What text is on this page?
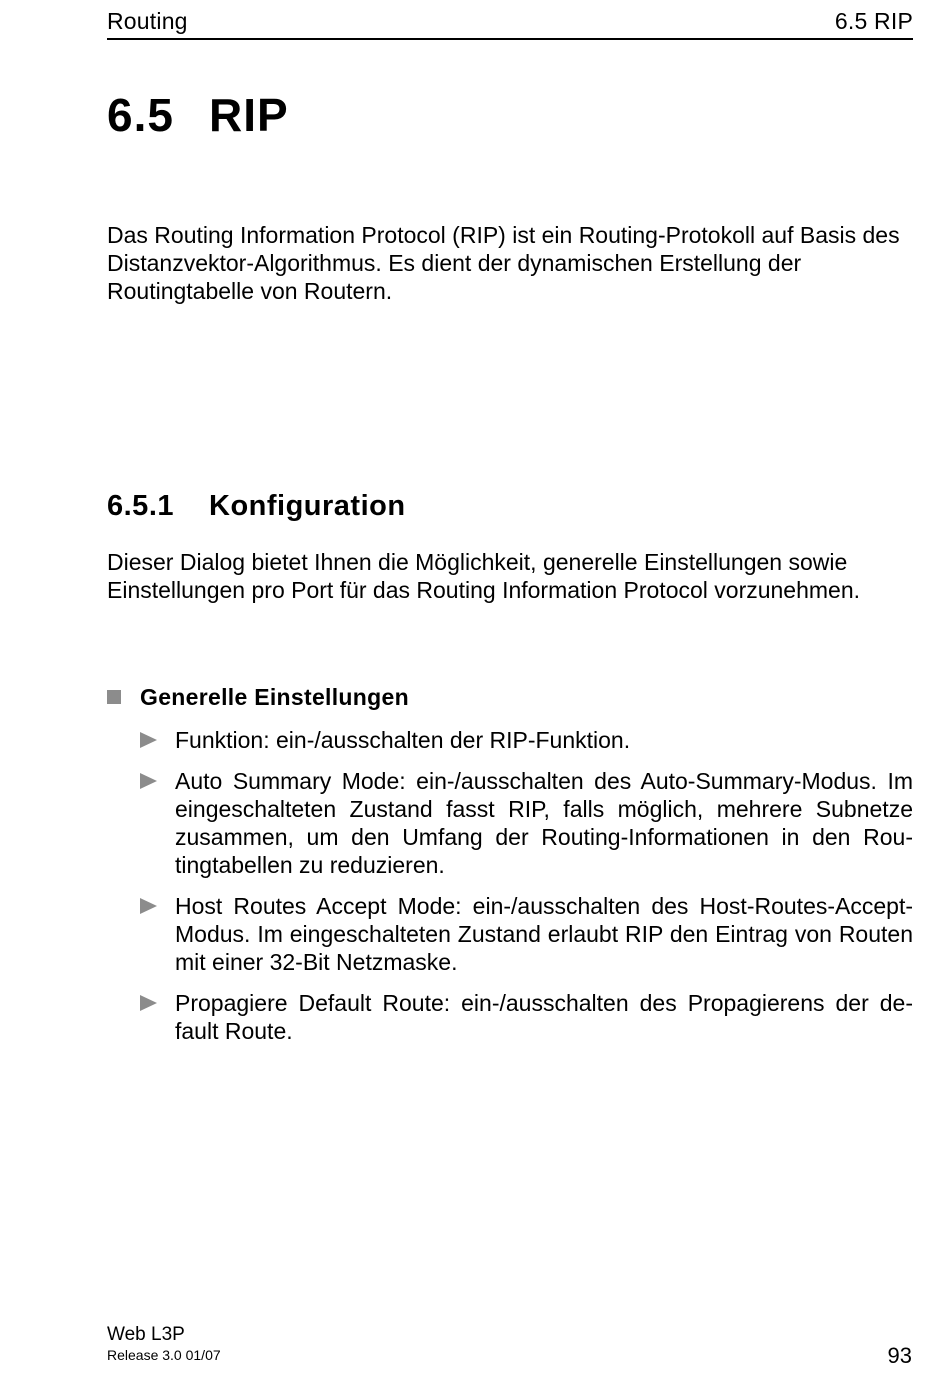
Routing	6.5 RIP
6.5 RIP

Das Routing Information Protocol (RIP) ist ein Routing-Protokoll auf Basis des Distanzvektor-Algorithmus. Es dient der dynamischen Erstellung der Routingtabelle von Routern.

6.5.1 Konfiguration

Dieser Dialog bietet Ihnen die Möglichkeit, generelle Einstellungen sowie Einstellungen pro Port für das Routing Information Protocol vorzunehmen.

Generelle Einstellungen
Funktion: ein-/ausschalten der RIP-Funktion.
Auto Summary Mode: ein-/ausschalten des Auto-Summary-Modus. Im eingeschalteten Zustand fasst RIP, falls möglich, mehrere Subnetze zusammen, um den Umfang der Routing-Informationen in den Routingtabellen zu reduzieren.
Host Routes Accept Mode: ein-/ausschalten des Host-Routes-Accept-Modus. Im eingeschalteten Zustand erlaubt RIP den Eintrag von Routen mit einer 32-Bit Netzmaske.
Propagiere Default Route: ein-/ausschalten des Propagierens der default Route.
Web L3P
Release 3.0 01/07	93
